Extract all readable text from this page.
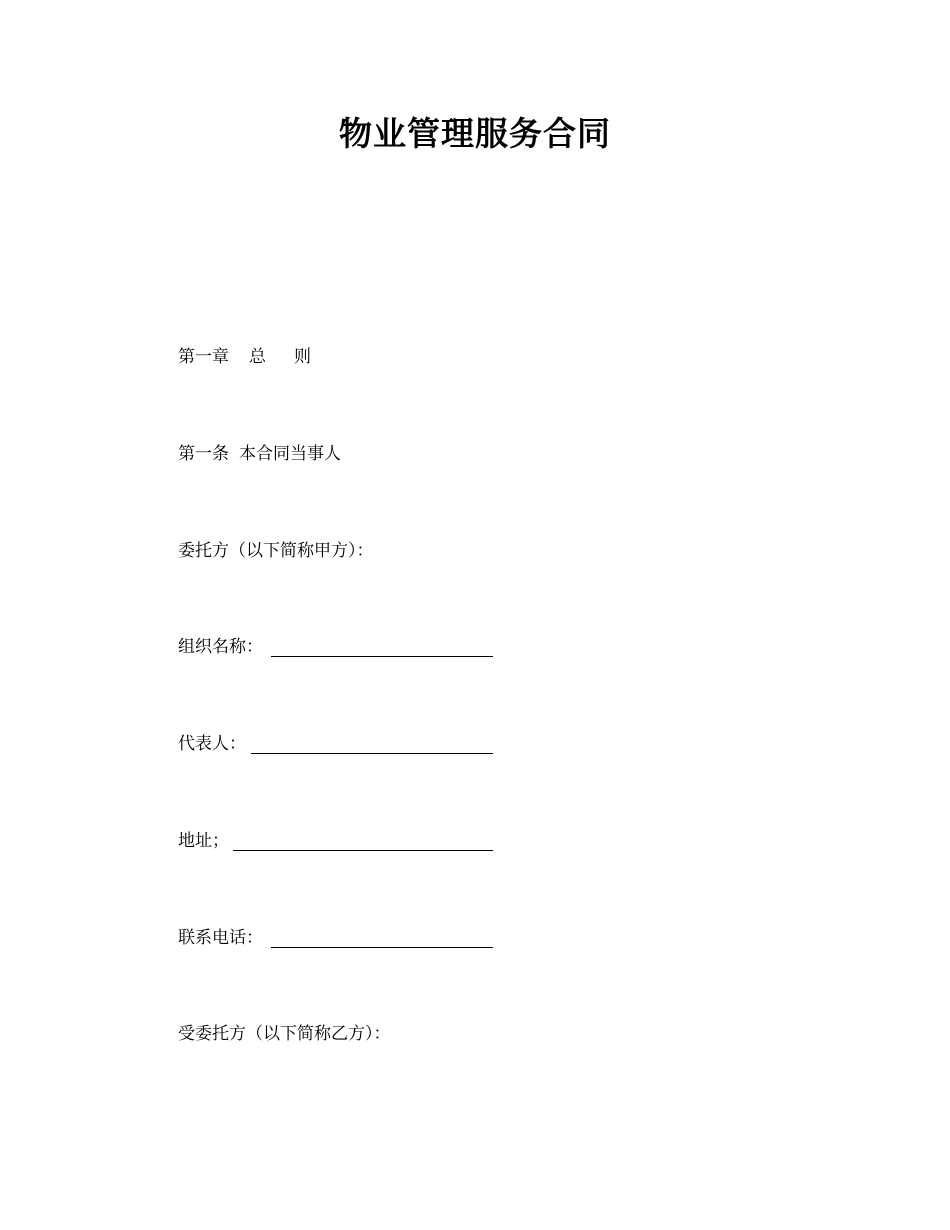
物业管理服务合同
第一章 总 则
第一条 本合同当事人
委托方（以下简称甲方）：
组织名称：
代表人：
地址；
联系电话：
受委托方（以下简称乙方）：
